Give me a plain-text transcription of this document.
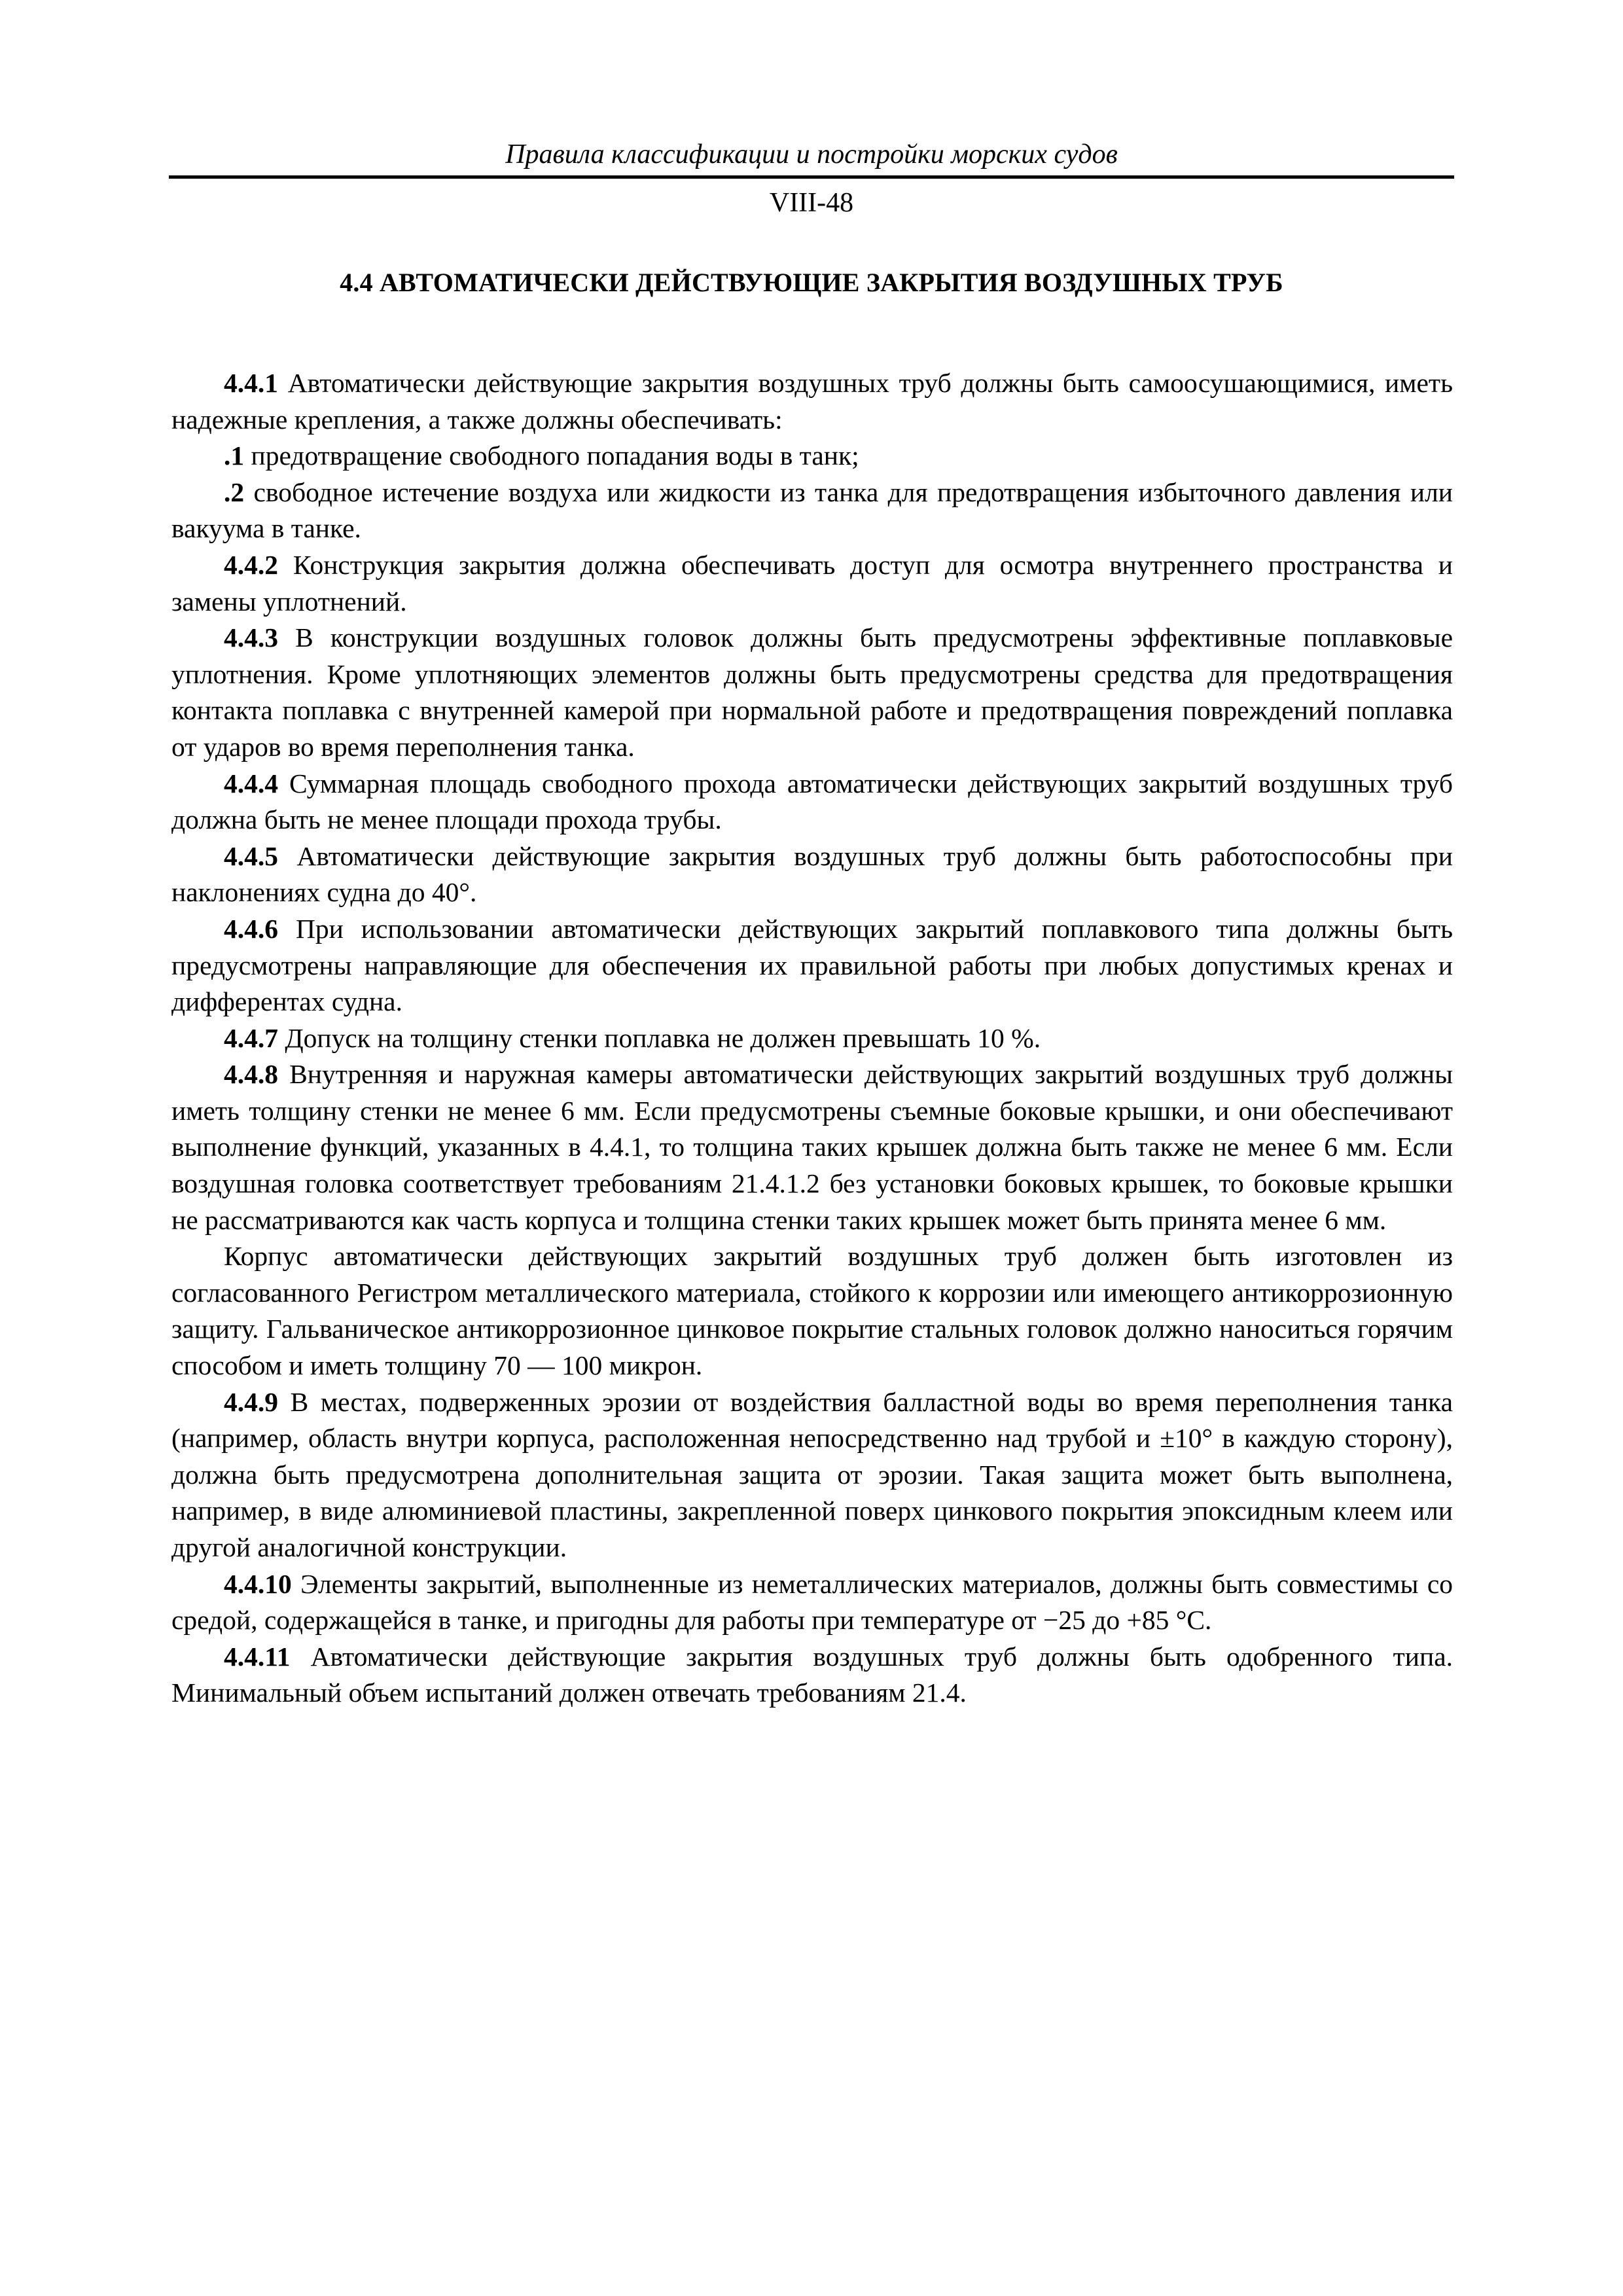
Правила классификации и постройки морских судов
VIII-48
4.4 АВТОМАТИЧЕСКИ ДЕЙСТВУЮЩИЕ ЗАКРЫТИЯ ВОЗДУШНЫХ ТРУБ

4.4.1 Автоматически действующие закрытия воздушных труб должны быть самоосушающимися, иметь надежные крепления, а также должны обеспечивать:

.1 предотвращение свободного попадания воды в танк;

.2 свободное истечение воздуха или жидкости из танка для предотвращения избыточного давления или вакуума в танке.

4.4.2 Конструкция закрытия должна обеспечивать доступ для осмотра внутреннего пространства и замены уплотнений.

4.4.3 В конструкции воздушных головок должны быть предусмотрены эффективные поплавковые уплотнения. Кроме уплотняющих элементов должны быть предусмотрены средства для предотвращения контакта поплавка с внутренней камерой при нормальной работе и предотвращения повреждений поплавка от ударов во время переполнения танка.

4.4.4 Суммарная площадь свободного прохода автоматически действующих закрытий воздушных труб должна быть не менее площади прохода трубы.

4.4.5 Автоматически действующие закрытия воздушных труб должны быть работоспособны при наклонениях судна до 40°.

4.4.6 При использовании автоматически действующих закрытий поплавкового типа должны быть предусмотрены направляющие для обеспечения их правильной работы при любых допустимых кренах и дифферентах судна.

4.4.7 Допуск на толщину стенки поплавка не должен превышать 10 %.

4.4.8 Внутренняя и наружная камеры автоматически действующих закрытий воздушных труб должны иметь толщину стенки не менее 6 мм. Если предусмотрены съемные боковые крышки, и они обеспечивают выполнение функций, указанных в 4.4.1, то толщина таких крышек должна быть также не менее 6 мм. Если воздушная головка соответствует требованиям 21.4.1.2 без установки боковых крышек, то боковые крышки не рассматриваются как часть корпуса и толщина стенки таких крышек может быть принята менее 6 мм.

Корпус автоматически действующих закрытий воздушных труб должен быть изготовлен из согласованного Регистром металлического материала, стойкого к коррозии или имеющего антикоррозионную защиту. Гальваническое антикоррозионное цинковое покрытие стальных головок должно наноситься горячим способом и иметь толщину 70 — 100 микрон.

4.4.9 В местах, подверженных эрозии от воздействия балластной воды во время переполнения танка (например, область внутри корпуса, расположенная непосредственно над трубой и ±10° в каждую сторону), должна быть предусмотрена дополнительная защита от эрозии. Такая защита может быть выполнена, например, в виде алюминиевой пластины, закрепленной поверх цинкового покрытия эпоксидным клеем или другой аналогичной конструкции.

4.4.10 Элементы закрытий, выполненные из неметаллических материалов, должны быть совместимы со средой, содержащейся в танке, и пригодны для работы при температуре от −25 до +85 °С.

4.4.11 Автоматически действующие закрытия воздушных труб должны быть одобренного типа. Минимальный объем испытаний должен отвечать требованиям 21.4.
